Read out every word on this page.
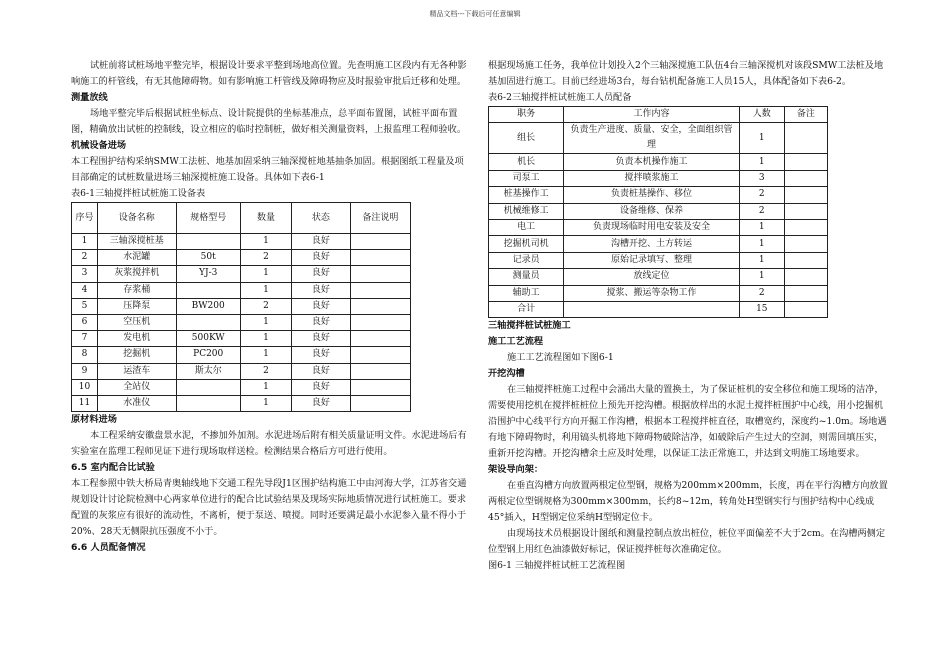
精品文档---下载后可任意编辑

试桩前将试桩场地平整完毕，根据设计要求平整到场地高位置。先查明施工区段内有无各种影响施工的杆管线，有无其他障碍物。如有影响施工杆管线及障碍物应及时报验审批后迁移和处理。

测量放线

场地平整完毕后根据试桩坐标点、设计院提供的坐标基准点，总平面布置图，试桩平面布置图，精确放出试桩的控制线，设立相应的临时控制桩，做好相关测量资料，上报监理工程师验收。

机械设备进场

本工程围护结构采纳SMW工法桩、地基加固采纳三轴深搅桩地基抽条加固。根据图纸工程量及项目部确定的试桩数量进场三轴深搅桩施工设备。具体如下表6-1

表6-1三轴搅拌桩试桩施工设备表

序号	设备名称	规格型号	数量	状态	备注说明
1	三轴深搅桩基		1	良好	
2	水泥罐	50t	2	良好	
3	灰浆搅拌机	YJ-3	1	良好	
4	存浆桶		1	良好	
5	压降泵	BW200	2	良好	
6	空压机		1	良好	
7	发电机	500KW	1	良好	
8	挖掘机	PC200	1	良好	
9	运渣车	斯太尔	2	良好	
10	全站仪		1	良好	
11	水准仪		1	良好	

原材料进场

本工程采纳安徽盘景水泥，不掺加外加剂。水泥进场后附有相关质量证明文件。水泥进场后有实验室在监理工程师见证下进行现场取样送检。检测结果合格后方可进行使用。

6.5 室内配合比试验

本工程参照中铁大桥局青奥轴线地下交通工程先导段J1区围护结构施工中由河海大学，江苏省交通规划设计讨论院检测中心两家单位进行的配合比试验结果及现场实际地质情况进行试桩施工。要求配置的灰浆应有很好的流动性，不离析，便于泵送、喷搅。同时还要满足最小水泥参入量不得小于20%、28天无侧限抗压强度不小于。

6.6 人员配备情况

根据现场施工任务，我单位计划投入2个三轴深搅施工队伍4台三轴深搅机对该段SMW工法桩及地基加固进行施工。目前已经进场3台，每台钻机配备施工人员15人，具体配备如下表6-2。

表6-2三轴搅拌桩试桩施工人员配备

职务	工作内容	人数	备注
组长	负责生产进度、质量、安全，全面组织管理	1	
机长	负责本机操作施工	1	
司泵工	搅拌喷浆施工	3	
桩基操作工	负责桩基操作、移位	2	
机械维修工	设备维修、保养	2	
电工	负责现场临时用电安装及安全	1	
挖掘机司机	沟槽开挖、土方转运	1	
记录员	原始记录填写、整理	1	
测量员	放线定位	1	
辅助工	搅浆、搬运等杂物工作	2	
合计		15	

三轴搅拌桩试桩施工

施工工艺流程

施工工艺流程图如下图6-1

开挖沟槽

在三轴搅拌桩施工过程中会涌出大量的置换土，为了保证桩机的安全移位和施工现场的洁净，需要使用挖机在搅拌桩桩位上预先开挖沟槽。根据放样出的水泥土搅拌桩围护中心线，用小挖掘机沿围护中心线平行方向开掘工作沟槽，根据本工程搅拌桩直径，取槽宽约，深度约~1.0m。场地遇有地下障碍物时，利用镐头机将地下障碍物破除洁净，如破除后产生过大的空洞，则需回填压实，重新开挖沟槽。开挖沟槽余土应及时处理，以保证工法正常施工，并达到文明施工场地要求。

架设导向架：

在垂直沟槽方向放置两根定位型钢，规格为200mm×200mm，长度，再在平行沟槽方向放置两根定位型钢规格为300mm×300mm，长约8~12m，转角处H型钢实行与围护结构中心线成45°插入，H型钢定位采纳H型钢定位卡。

由现场技术员根据设计图纸和测量控制点放出桩位，桩位平面偏差不大于2cm。在沟槽两侧定位型钢上用红色油漆做好标记，保证搅拌桩每次准确定位。

图6-1 三轴搅拌桩试桩工艺流程图
